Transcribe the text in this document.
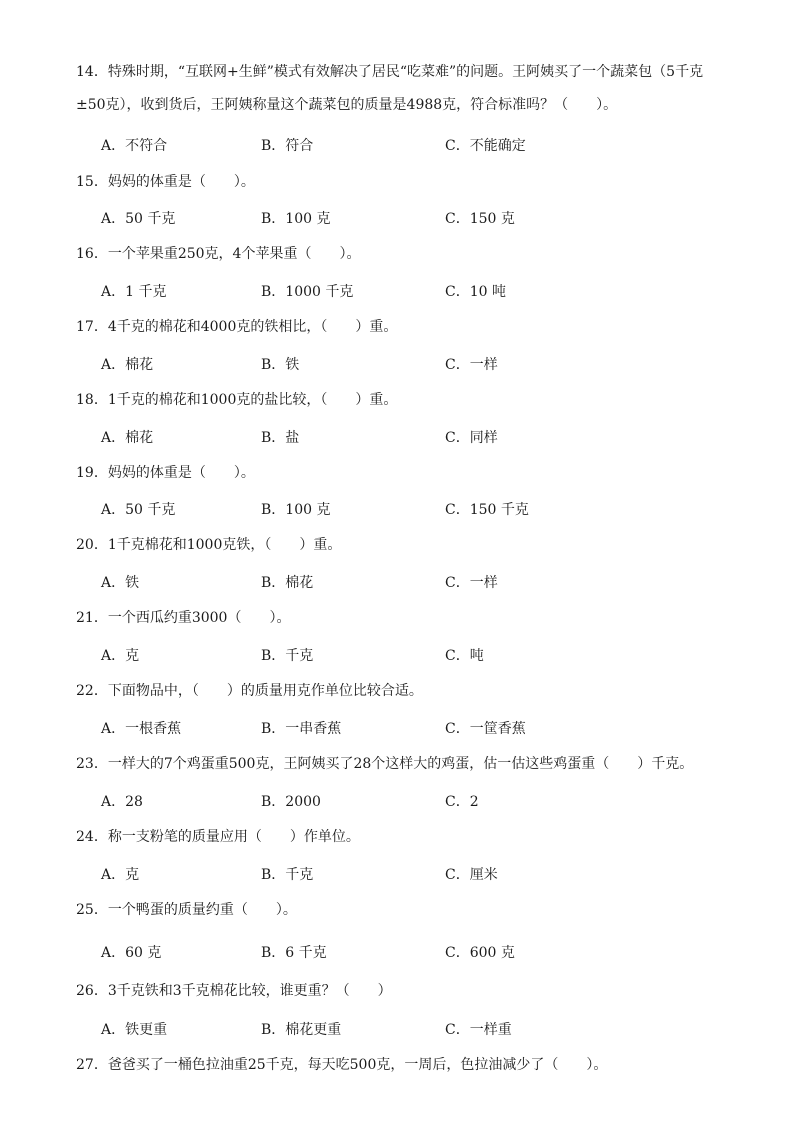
14．特殊时期，“互联网+生鲜”模式有效解决了居民“吃菜难”的问题。王阿姨买了一个蔬菜包（5千克±50克），收到货后，王阿姨称量这个蔬菜包的质量是4988克，符合标准吗？（　　）。
A．不符合	B．符合	C．不能确定
15．妈妈的体重是（　　）。
A．50 千克	B．100 克	C．150 克
16．一个苹果重250克，4个苹果重（　　）。
A．1 千克	B．1000 千克	C．10 吨
17．4千克的棉花和4000克的铁相比，（　　）重。
A．棉花	B．铁	C．一样
18．1千克的棉花和1000克的盐比较，（　　）重。
A．棉花	B．盐	C．同样
19．妈妈的体重是（　　）。
A．50 千克	B．100 克	C．150 千克
20．1千克棉花和1000克铁，（　　）重。
A．铁	B．棉花	C．一样
21．一个西瓜约重3000（　　）。
A．克	B．千克	C．吨
22．下面物品中，（　　）的质量用克作单位比较合适。
A．一根香蕉	B．一串香蕉	C．一筐香蕉
23．一样大的7个鸡蛋重500克，王阿姨买了28个这样大的鸡蛋，估一估这些鸡蛋重（　　）千克。
A．28	B．2000	C．2
24．称一支粉笔的质量应用（　　）作单位。
A．克	B．千克	C．厘米
25．一个鸭蛋的质量约重（　　）。
A．60 克	B．6 千克	C．600 克
26．3千克铁和3千克棉花比较，谁更重？（　　）
A．铁更重	B．棉花更重	C．一样重
27．爸爸买了一桶色拉油重25千克，每天吃500克，一周后，色拉油减少了（　　）。
